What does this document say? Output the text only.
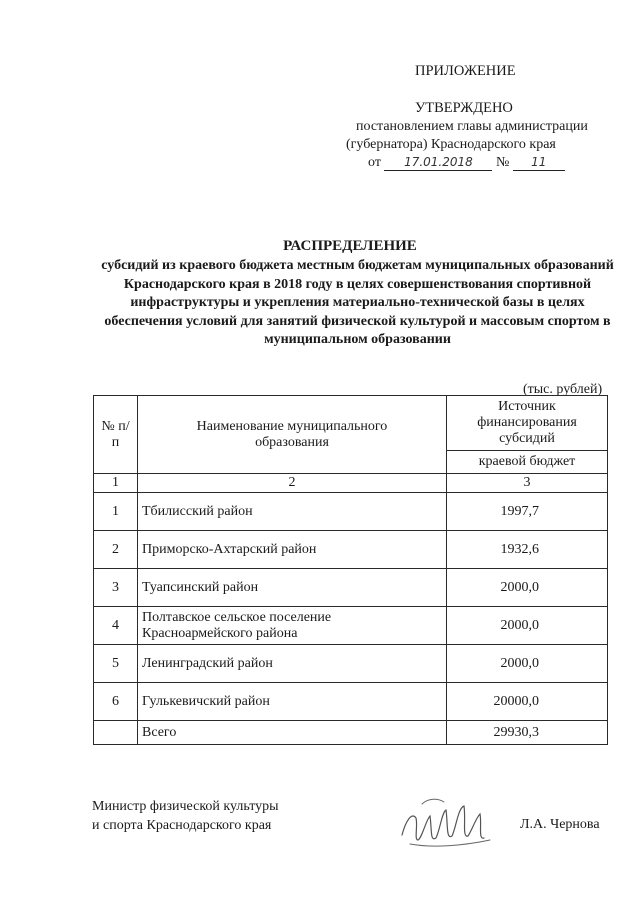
ПРИЛОЖЕНИЕ
УТВЕРЖДЕНО
постановлением главы администрации
(губернатора) Краснодарского края
от 17.01.2018 № 11
РАСПРЕДЕЛЕНИЕ
субсидий из краевого бюджета местным бюджетам муниципальных образований Краснодарского края в 2018 году в целях совершенствования спортивной инфраструктуры и укрепления материально-технической базы в целях обеспечения условий для занятий физической культурой и массовым спортом в муниципальном образовании
(тыс. рублей)
№ п/п	Наименование муниципального образования	Источник финансирования субсидий
		краевой бюджет
1	2	3
1	Тбилисский район	1997,7
2	Приморско-Ахтарский район	1932,6
3	Туапсинский район	2000,0
4	Полтавское сельское поселение Красноармейского района	2000,0
5	Ленинградский район	2000,0
6	Гулькевичский район	20000,0
	Всего	29930,3
Министр физической культуры
и спорта Краснодарского края	Л.А. Чернова
